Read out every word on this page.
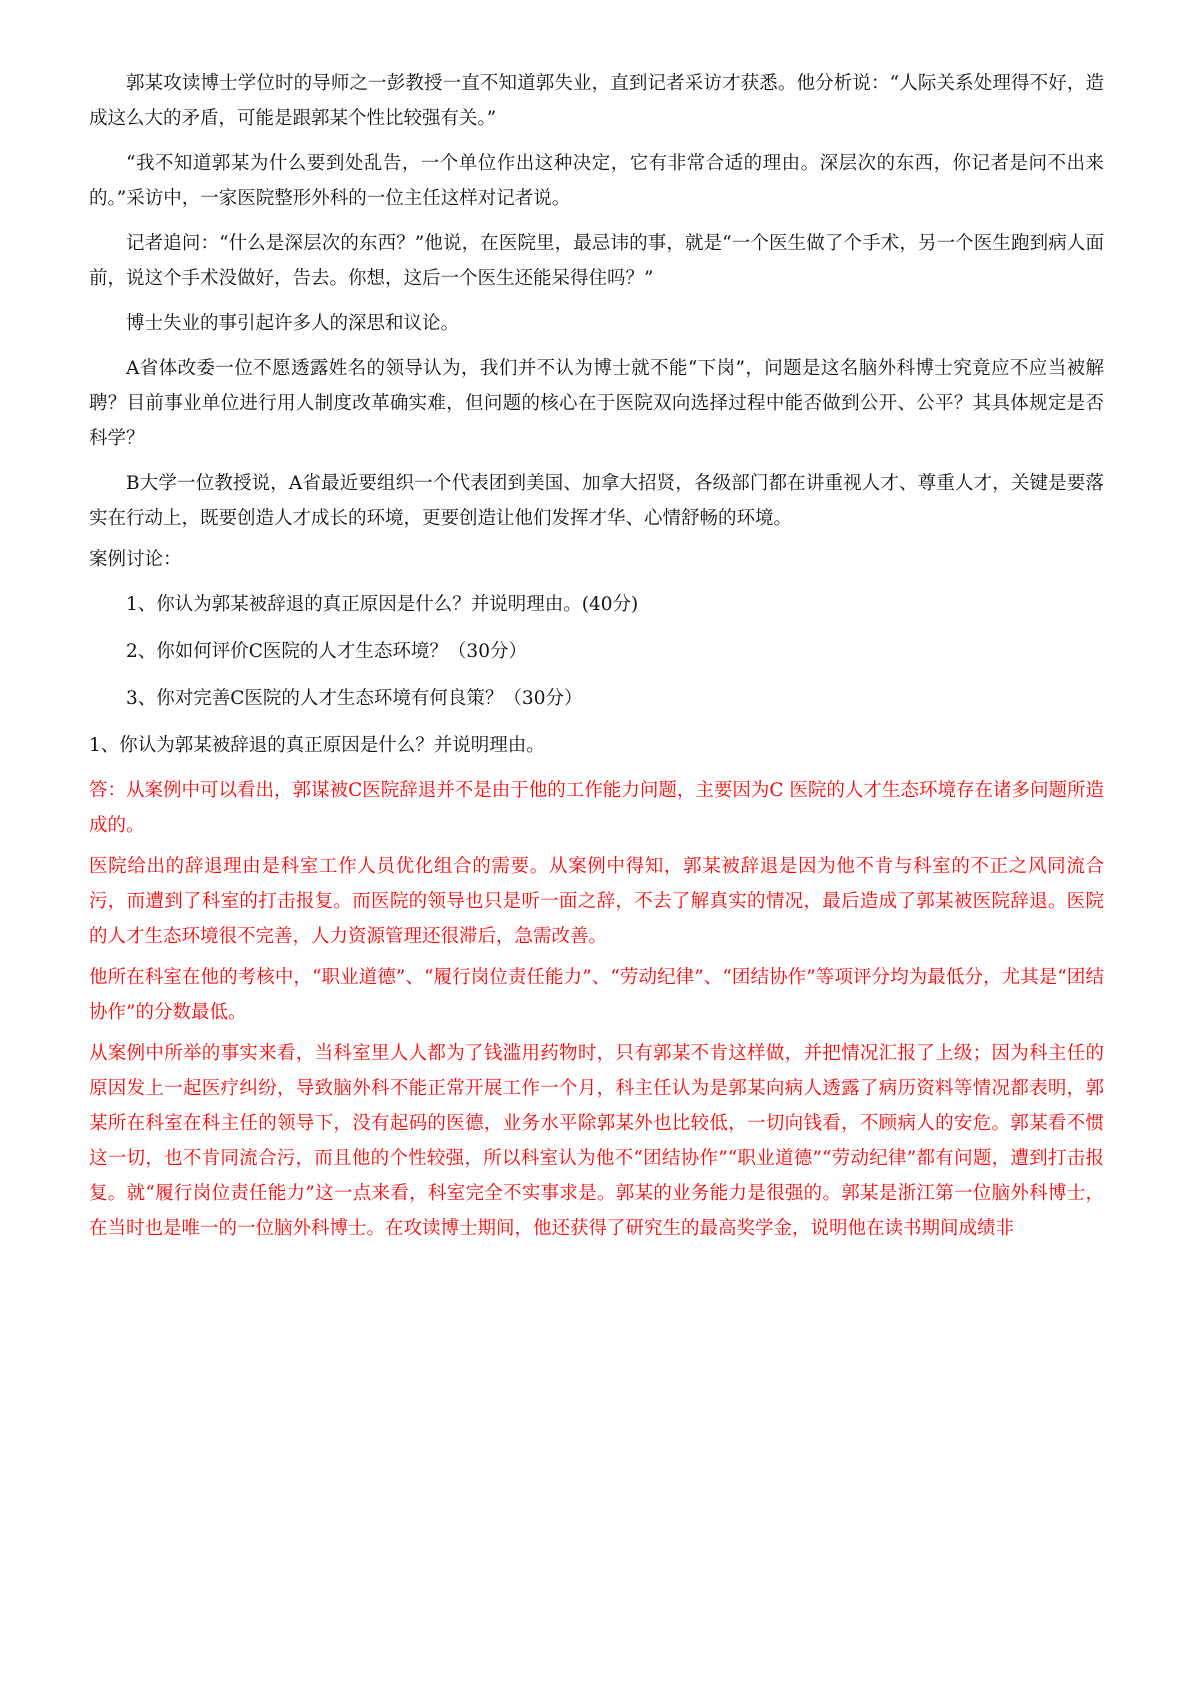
郭某攻读博士学位时的导师之一彭教授一直不知道郭失业，直到记者采访才获悉。他分析说：“人际关系处理得不好，造成这么大的矛盾，可能是跟郭某个性比较强有关。”

“我不知道郭某为什么要到处乱告，一个单位作出这种决定，它有非常合适的理由。深层次的东西，你记者是问不出来的。”采访中，一家医院整形外科的一位主任这样对记者说。

记者追问：“什么是深层次的东西？”他说，在医院里，最忌讳的事，就是“一个医生做了个手术，另一个医生跑到病人面前，说这个手术没做好，告去。你想，这后一个医生还能呆得住吗？”

博士失业的事引起许多人的深思和议论。

A省体改委一位不愿透露姓名的领导认为，我们并不认为博士就不能“下岗”，问题是这名脑外科博士究竟应不应当被解聘？目前事业单位进行用人制度改革确实难，但问题的核心在于医院双向选择过程中能否做到公开、公平？其具体规定是否科学？

B大学一位教授说，A省最近要组织一个代表团到美国、加拿大招贤，各级部门都在讲重视人才、尊重人才，关键是要落实在行动上，既要创造人才成长的环境，更要创造让他们发挥才华、心情舒畅的环境。

案例讨论：

1、你认为郭某被辞退的真正原因是什么？并说明理由。(40分)

2、你如何评价C医院的人才生态环境？（30分）

3、你对完善C医院的人才生态环境有何良策？（30分）

1、你认为郭某被辞退的真正原因是什么？并说明理由。

答：从案例中可以看出，郭谋被C医院辞退并不是由于他的工作能力问题，主要因为C 医院的人才生态环境存在诸多问题所造成的。

医院给出的辞退理由是科室工作人员优化组合的需要。从案例中得知，郭某被辞退是因为他不肯与科室的不正之风同流合污，而遭到了科室的打击报复。而医院的领导也只是听一面之辞，不去了解真实的情况，最后造成了郭某被医院辞退。医院的人才生态环境很不完善，人力资源管理还很滞后，急需改善。

他所在科室在他的考核中，“职业道德”、“履行岗位责任能力”、“劳动纪律”、“团结协作”等项评分均为最低分，尤其是“团结协作”的分数最低。

从案例中所举的事实来看，当科室里人人都为了钱滥用药物时，只有郭某不肯这样做，并把情况汇报了上级；因为科主任的原因发上一起医疗纠纷，导致脑外科不能正常开展工作一个月，科主任认为是郭某向病人透露了病历资料等情况都表明，郭某所在科室在科主任的领导下，没有起码的医德，业务水平除郭某外也比较低，一切向钱看，不顾病人的安危。郭某看不惯这一切，也不肯同流合污，而且他的个性较强，所以科室认为他不“团结协作”“职业道德”“劳动纪律”都有问题，遭到打击报复。就“履行岗位责任能力”这一点来看，科室完全不实事求是。郭某的业务能力是很强的。郭某是浙江第一位脑外科博士，在当时也是唯一的一位脑外科博士。在攻读博士期间，他还获得了研究生的最高奖学金，说明他在读书期间成绩非
